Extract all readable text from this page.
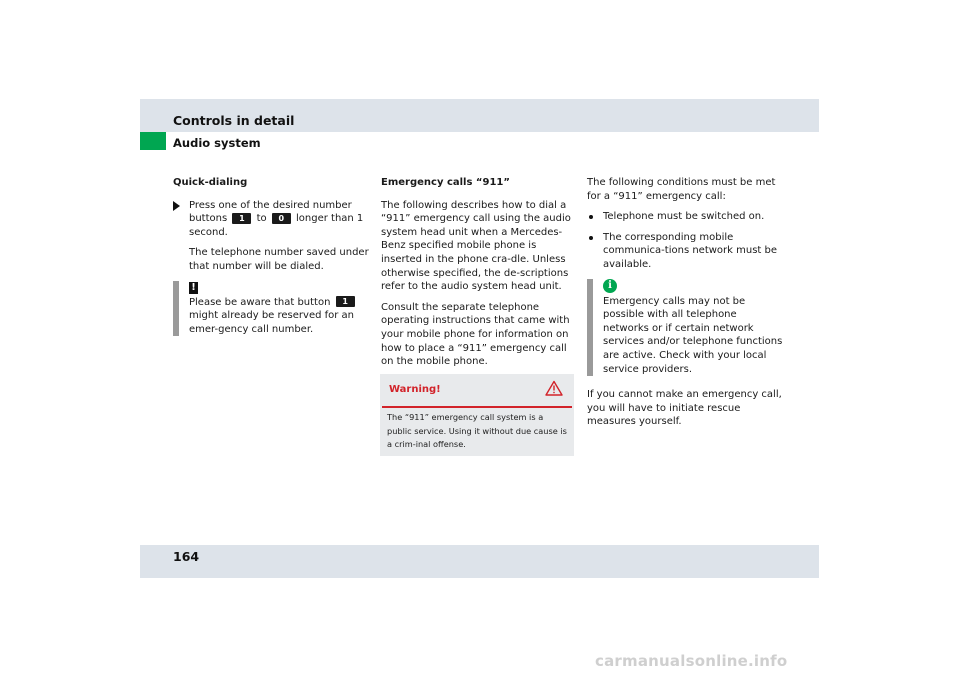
Controls in detail
Audio system

Quick-dialing

Press one of the desired number buttons 1 to 0 longer than 1 second.

The telephone number saved under that number will be dialed.

!

Please be aware that button 1 might already be reserved for an emer-gency call number.

Emergency calls “911”

The following describes how to dial a “911” emergency call using the audio system head unit when a Mercedes-Benz specified mobile phone is inserted in the phone cra-dle. Unless otherwise specified, the de-scriptions refer to the audio system head unit.

Consult the separate telephone operating instructions that came with your mobile phone for information on how to place a “911” emergency call on the mobile phone.

Warning!
The “911” emergency call system is a public service. Using it without due cause is a crim-inal offense.

The following conditions must be met for a “911” emergency call:

Telephone must be switched on.

The corresponding mobile communica-tions network must be available.

i

Emergency calls may not be possible with all telephone networks or if certain network services and/or telephone functions are active. Check with your local service providers.

If you cannot make an emergency call, you will have to initiate rescue measures yourself.

164
carmanualsonline.info
